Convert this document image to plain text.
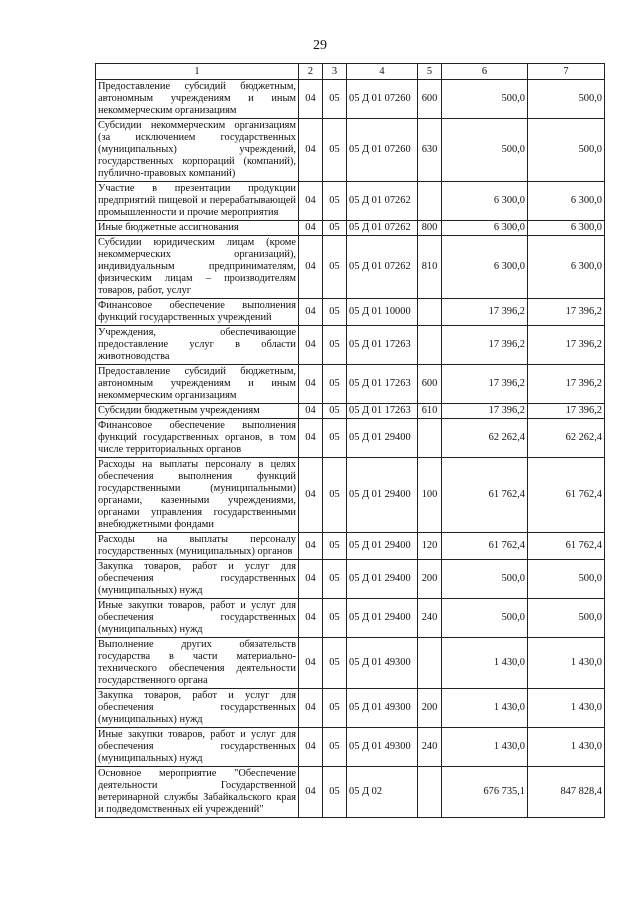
29
1	2	3	4	5	6	7
Предоставление субсидий бюджетным, автономным учреждениям и иным некоммерческим организациям	04	05	05 Д 01 07260	600	500,0	500,0
Субсидии некоммерческим организациям (за исключением государственных (муниципальных) учреждений, государственных корпораций (компаний), публично-правовых компаний)	04	05	05 Д 01 07260	630	500,0	500,0
Участие в презентации продукции предприятий пищевой и перерабатывающей промышленности и прочие мероприятия	04	05	05 Д 01 07262		6 300,0	6 300,0
Иные бюджетные ассигнования	04	05	05 Д 01 07262	800	6 300,0	6 300,0
Субсидии юридическим лицам (кроме некоммерческих организаций), индивидуальным предпринимателям, физическим лицам – производителям товаров, работ, услуг	04	05	05 Д 01 07262	810	6 300,0	6 300,0
Финансовое обеспечение выполнения функций государственных учреждений	04	05	05 Д 01 10000		17 396,2	17 396,2
Учреждения, обеспечивающие предоставление услуг в области животноводства	04	05	05 Д 01 17263		17 396,2	17 396,2
Предоставление субсидий бюджетным, автономным учреждениям и иным некоммерческим организациям	04	05	05 Д 01 17263	600	17 396,2	17 396,2
Субсидии бюджетным учреждениям	04	05	05 Д 01 17263	610	17 396,2	17 396,2
Финансовое обеспечение выполнения функций государственных органов, в том числе территориальных органов	04	05	05 Д 01 29400		62 262,4	62 262,4
Расходы на выплаты персоналу в целях обеспечения выполнения функций государственными (муниципальными) органами, казенными учреждениями, органами управления государственными внебюджетными фондами	04	05	05 Д 01 29400	100	61 762,4	61 762,4
Расходы на выплаты персоналу государственных (муниципальных) органов	04	05	05 Д 01 29400	120	61 762,4	61 762,4
Закупка товаров, работ и услуг для обеспечения государственных (муниципальных) нужд	04	05	05 Д 01 29400	200	500,0	500,0
Иные закупки товаров, работ и услуг для обеспечения государственных (муниципальных) нужд	04	05	05 Д 01 29400	240	500,0	500,0
Выполнение других обязательств государства в части материально-технического обеспечения деятельности государственного органа	04	05	05 Д 01 49300		1 430,0	1 430,0
Закупка товаров, работ и услуг для обеспечения государственных (муниципальных) нужд	04	05	05 Д 01 49300	200	1 430,0	1 430,0
Иные закупки товаров, работ и услуг для обеспечения государственных (муниципальных) нужд	04	05	05 Д 01 49300	240	1 430,0	1 430,0
Основное мероприятие "Обеспечение деятельности Государственной ветеринарной службы Забайкальского края и подведомственных ей учреждений"	04	05	05 Д 02		676 735,1	847 828,4
